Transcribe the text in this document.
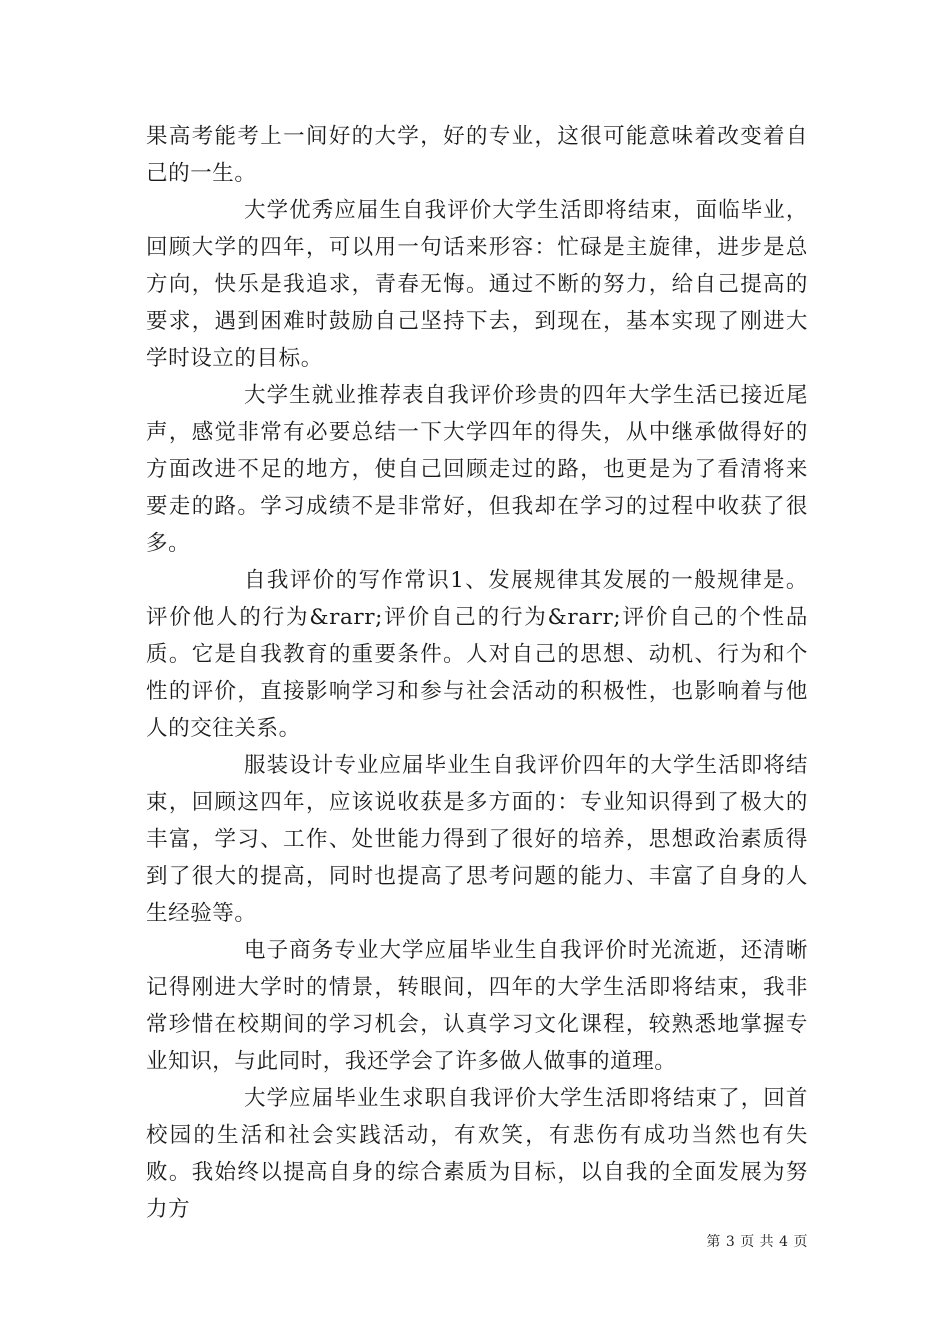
果高考能考上一间好的大学，好的专业，这很可能意味着改变着自己的一生。

大学优秀应届生自我评价大学生活即将结束，面临毕业，回顾大学的四年，可以用一句话来形容：忙碌是主旋律，进步是总方向，快乐是我追求，青春无悔。通过不断的努力，给自己提高的要求，遇到困难时鼓励自己坚持下去，到现在，基本实现了刚进大学时设立的目标。

大学生就业推荐表自我评价珍贵的四年大学生活已接近尾声，感觉非常有必要总结一下大学四年的得失，从中继承做得好的方面改进不足的地方，使自己回顾走过的路，也更是为了看清将来要走的路。学习成绩不是非常好，但我却在学习的过程中收获了很多。

自我评价的写作常识1、发展规律其发展的一般规律是。评价他人的行为&rarr;评价自己的行为&rarr;评价自己的个性品质。它是自我教育的重要条件。人对自己的思想、动机、行为和个性的评价，直接影响学习和参与社会活动的积极性，也影响着与他人的交往关系。

服装设计专业应届毕业生自我评价四年的大学生活即将结束，回顾这四年，应该说收获是多方面的：专业知识得到了极大的丰富，学习、工作、处世能力得到了很好的培养，思想政治素质得到了很大的提高，同时也提高了思考问题的能力、丰富了自身的人生经验等。

电子商务专业大学应届毕业生自我评价时光流逝，还清晰记得刚进大学时的情景，转眼间，四年的大学生活即将结束，我非常珍惜在校期间的学习机会，认真学习文化课程，较熟悉地掌握专业知识，与此同时，我还学会了许多做人做事的道理。

大学应届毕业生求职自我评价大学生活即将结束了，回首校园的生活和社会实践活动，有欢笑，有悲伤有成功当然也有失败。我始终以提高自身的综合素质为目标，以自我的全面发展为努力方

第 3 页 共 4 页
